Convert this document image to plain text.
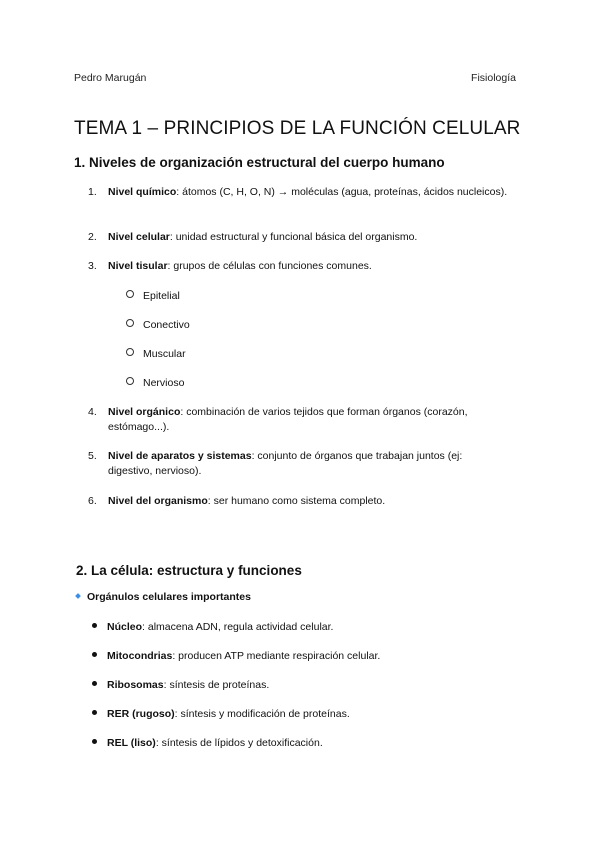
Pedro Marugán	Fisiología
TEMA 1 – PRINCIPIOS DE LA FUNCIÓN CELULAR
1. Niveles de organización estructural del cuerpo humano
1.	Nivel químico: átomos (C, H, O, N) → moléculas (agua, proteínas, ácidos nucleicos).
2.	Nivel celular: unidad estructural y funcional básica del organismo.
3.	Nivel tisular: grupos de células con funciones comunes.
Epitelial
Conectivo
Muscular
Nervioso
4.	Nivel orgánico: combinación de varios tejidos que forman órganos (corazón, estómago...).
5.	Nivel de aparatos y sistemas: conjunto de órganos que trabajan juntos (ej: digestivo, nervioso).
6.	Nivel del organismo: ser humano como sistema completo.
2. La célula: estructura y funciones
Orgánulos celulares importantes
Núcleo: almacena ADN, regula actividad celular.
Mitocondrias: producen ATP mediante respiración celular.
Ribosomas: síntesis de proteínas.
RER (rugoso): síntesis y modificación de proteínas.
REL (liso): síntesis de lípidos y detoxificación.
